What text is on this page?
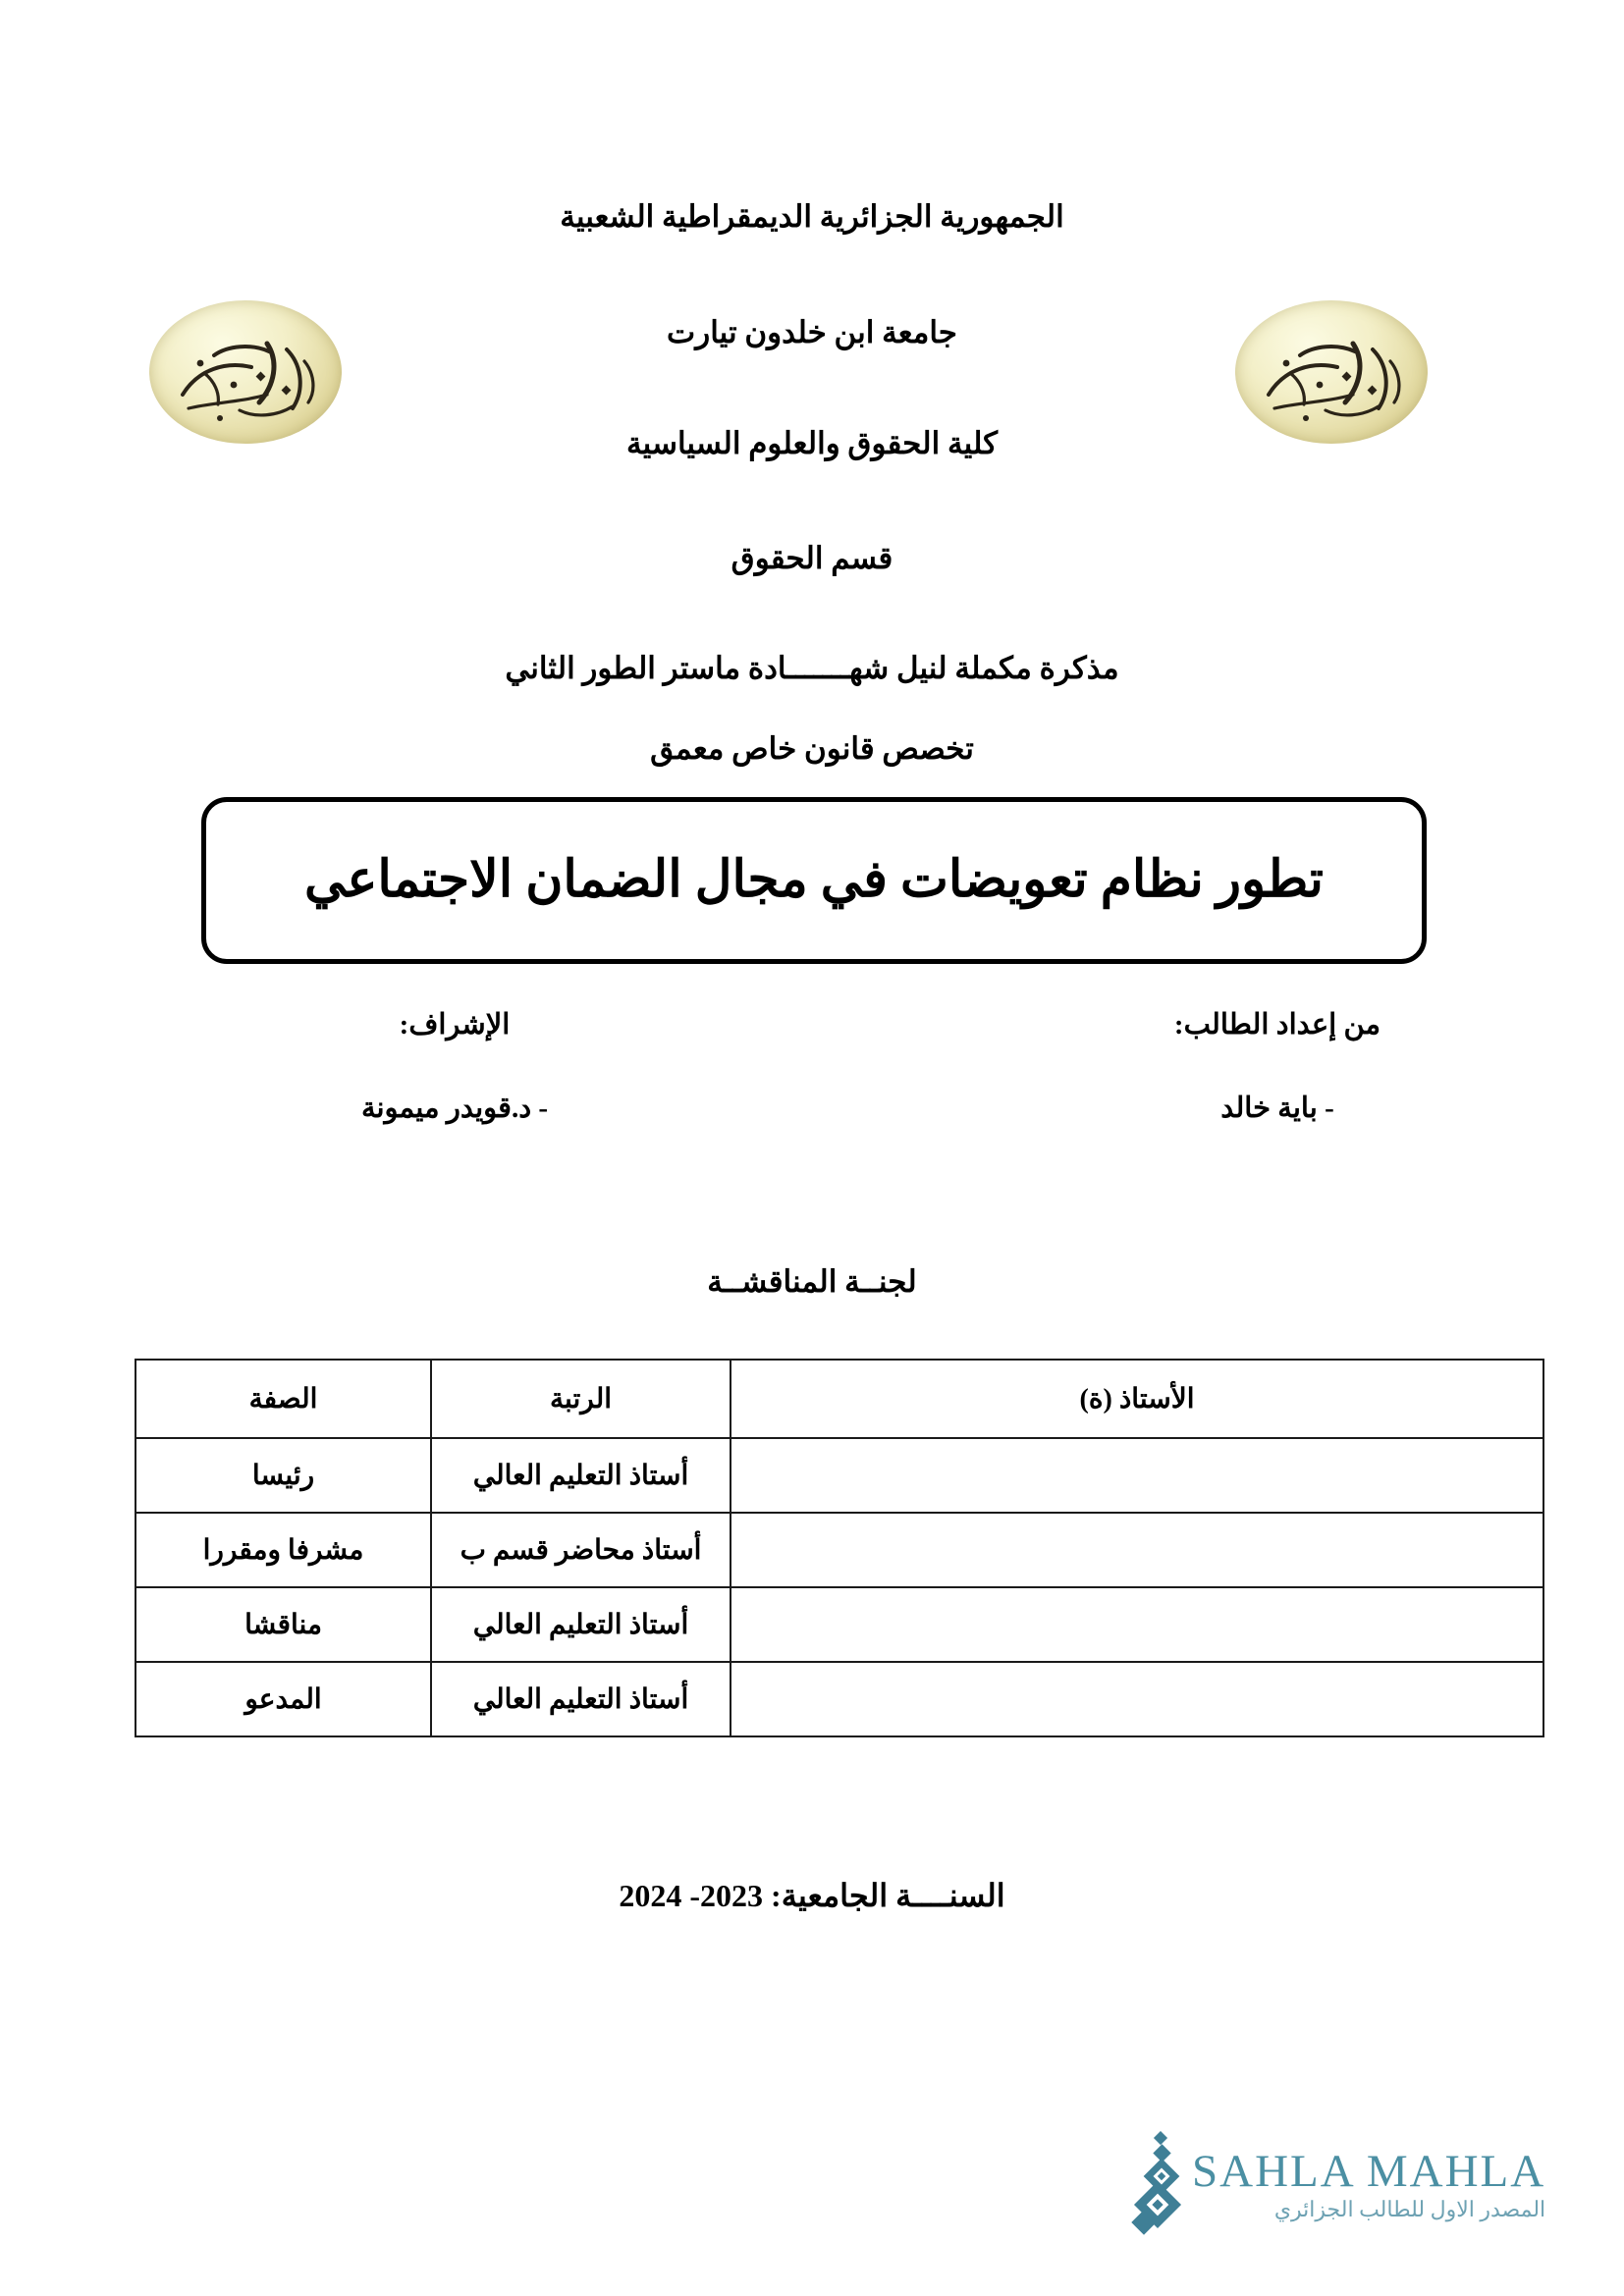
الجمهورية الجزائرية الديمقراطية الشعبية
جامعة ابن خلدون تيارت
كلية الحقوق والعلوم السياسية
قسم الحقوق
مذكرة مكملة لنيل شهـــــــادة ماستر الطور الثاني
تخصص قانون خاص معمق
تطور نظام تعويضات في مجال الضمان الاجتماعي
من إعداد الطالب:
- باية خالد
الإشراف:
- د.قويدر ميمونة
لجنــة المناقشــة
الأستاذ (ة)	الرتبة	الصفة
	أستاذ التعليم العالي	رئيسا
	أستاذ محاضر قسم ب	مشرفا ومقررا
	أستاذ التعليم العالي	مناقشا
	أستاذ التعليم العالي	المدعو
السنــــة الجامعية: 2023- 2024
SAHLA MAHLA
المصدر الاول للطالب الجزائري
